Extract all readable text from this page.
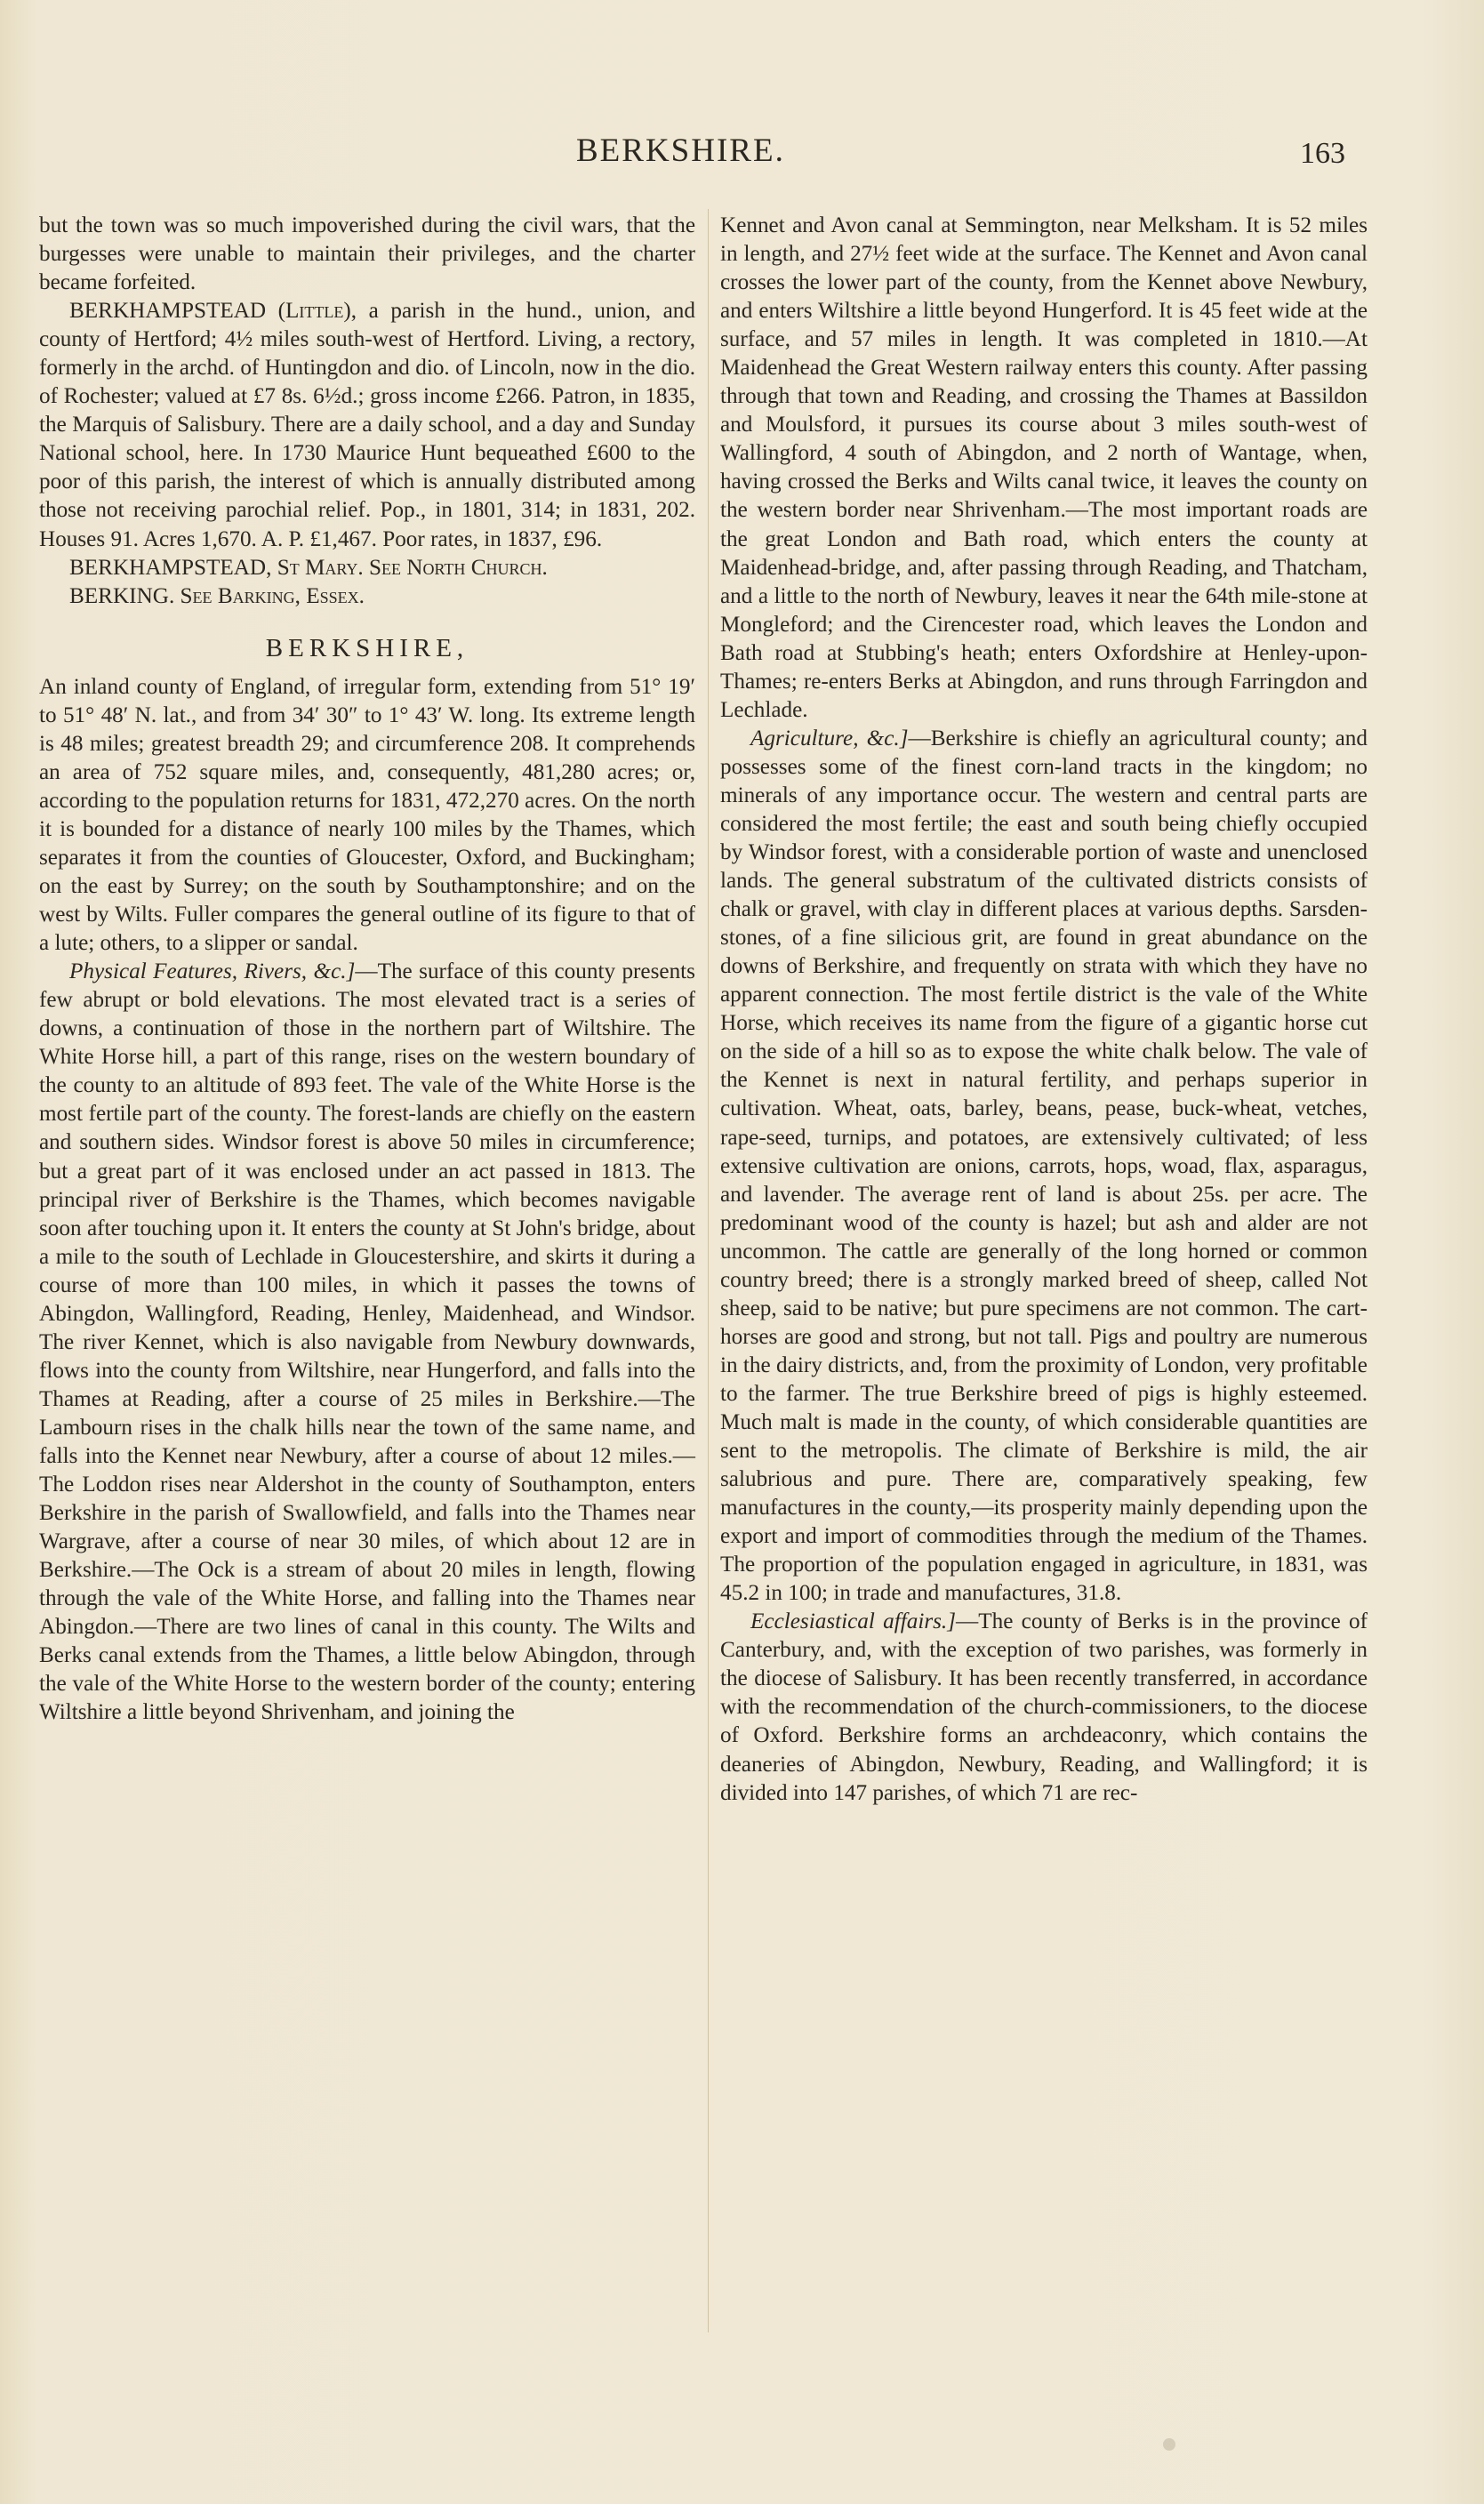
BERKSHIRE.	163

but the town was so much impoverished during the civil wars, that the burgesses were unable to maintain their privileges, and the charter became forfeited.

BERKHAMPSTEAD (Little), a parish in the hund., union, and county of Hertford; 4½ miles south-west of Hertford. Living, a rectory, formerly in the archd. of Huntingdon and dio. of Lincoln, now in the dio. of Rochester; valued at £7 8s. 6½d.; gross income £266. Patron, in 1835, the Marquis of Salisbury. There are a daily school, and a day and Sunday National school, here. In 1730 Maurice Hunt bequeathed £600 to the poor of this parish, the interest of which is annually distributed among those not receiving parochial relief. Pop., in 1801, 314; in 1831, 202. Houses 91. Acres 1,670. A. P. £1,467. Poor rates, in 1837, £96.

BERKHAMPSTEAD, St Mary. See North Church.

BERKING. See Barking, Essex.

BERKSHIRE,

An inland county of England, of irregular form, extending from 51° 19′ to 51° 48′ N. lat., and from 34′ 30″ to 1° 43′ W. long. Its extreme length is 48 miles; greatest breadth 29; and circumference 208. It comprehends an area of 752 square miles, and, consequently, 481,280 acres; or, according to the population returns for 1831, 472,270 acres. On the north it is bounded for a distance of nearly 100 miles by the Thames, which separates it from the counties of Gloucester, Oxford, and Buckingham; on the east by Surrey; on the south by Southamptonshire; and on the west by Wilts. Fuller compares the general outline of its figure to that of a lute; others, to a slipper or sandal.

Physical Features, Rivers, &c.]—The surface of this county presents few abrupt or bold elevations. The most elevated tract is a series of downs, a continuation of those in the northern part of Wiltshire. The White Horse hill, a part of this range, rises on the western boundary of the county to an altitude of 893 feet. The vale of the White Horse is the most fertile part of the county. The forest-lands are chiefly on the eastern and southern sides. Windsor forest is above 50 miles in circumference; but a great part of it was enclosed under an act passed in 1813. The principal river of Berkshire is the Thames, which becomes navigable soon after touching upon it. It enters the county at St John's bridge, about a mile to the south of Lechlade in Gloucestershire, and skirts it during a course of more than 100 miles, in which it passes the towns of Abingdon, Wallingford, Reading, Henley, Maidenhead, and Windsor. The river Kennet, which is also navigable from Newbury downwards, flows into the county from Wiltshire, near Hungerford, and falls into the Thames at Reading, after a course of 25 miles in Berkshire.—The Lambourn rises in the chalk hills near the town of the same name, and falls into the Kennet near Newbury, after a course of about 12 miles.—The Loddon rises near Aldershot in the county of Southampton, enters Berkshire in the parish of Swallowfield, and falls into the Thames near Wargrave, after a course of near 30 miles, of which about 12 are in Berkshire.—The Ock is a stream of about 20 miles in length, flowing through the vale of the White Horse, and falling into the Thames near Abingdon.—There are two lines of canal in this county. The Wilts and Berks canal extends from the Thames, a little below Abingdon, through the vale of the White Horse to the western border of the county; entering Wiltshire a little beyond Shrivenham, and joining the

Kennet and Avon canal at Semmington, near Melksham. It is 52 miles in length, and 27½ feet wide at the surface. The Kennet and Avon canal crosses the lower part of the county, from the Kennet above Newbury, and enters Wiltshire a little beyond Hungerford. It is 45 feet wide at the surface, and 57 miles in length. It was completed in 1810.—At Maidenhead the Great Western railway enters this county. After passing through that town and Reading, and crossing the Thames at Bassildon and Moulsford, it pursues its course about 3 miles south-west of Wallingford, 4 south of Abingdon, and 2 north of Wantage, when, having crossed the Berks and Wilts canal twice, it leaves the county on the western border near Shrivenham.—The most important roads are the great London and Bath road, which enters the county at Maidenhead-bridge, and, after passing through Reading, and Thatcham, and a little to the north of Newbury, leaves it near the 64th mile-stone at Mongleford; and the Cirencester road, which leaves the London and Bath road at Stubbing's heath; enters Oxfordshire at Henley-upon-Thames; re-enters Berks at Abingdon, and runs through Farringdon and Lechlade.

Agriculture, &c.]—Berkshire is chiefly an agricultural county; and possesses some of the finest corn-land tracts in the kingdom; no minerals of any importance occur. The western and central parts are considered the most fertile; the east and south being chiefly occupied by Windsor forest, with a considerable portion of waste and unenclosed lands. The general substratum of the cultivated districts consists of chalk or gravel, with clay in different places at various depths. Sarsden-stones, of a fine silicious grit, are found in great abundance on the downs of Berkshire, and frequently on strata with which they have no apparent connection. The most fertile district is the vale of the White Horse, which receives its name from the figure of a gigantic horse cut on the side of a hill so as to expose the white chalk below. The vale of the Kennet is next in natural fertility, and perhaps superior in cultivation. Wheat, oats, barley, beans, pease, buck-wheat, vetches, rape-seed, turnips, and potatoes, are extensively cultivated; of less extensive cultivation are onions, carrots, hops, woad, flax, asparagus, and lavender. The average rent of land is about 25s. per acre. The predominant wood of the county is hazel; but ash and alder are not uncommon. The cattle are generally of the long horned or common country breed; there is a strongly marked breed of sheep, called Not sheep, said to be native; but pure specimens are not common. The cart-horses are good and strong, but not tall. Pigs and poultry are numerous in the dairy districts, and, from the proximity of London, very profitable to the farmer. The true Berkshire breed of pigs is highly esteemed. Much malt is made in the county, of which considerable quantities are sent to the metropolis. The climate of Berkshire is mild, the air salubrious and pure. There are, comparatively speaking, few manufactures in the county,—its prosperity mainly depending upon the export and import of commodities through the medium of the Thames. The proportion of the population engaged in agriculture, in 1831, was 45.2 in 100; in trade and manufactures, 31.8.

Ecclesiastical affairs.]—The county of Berks is in the province of Canterbury, and, with the exception of two parishes, was formerly in the diocese of Salisbury. It has been recently transferred, in accordance with the recommendation of the church-commissioners, to the diocese of Oxford. Berkshire forms an archdeaconry, which contains the deaneries of Abingdon, Newbury, Reading, and Wallingford; it is divided into 147 parishes, of which 71 are rec-
